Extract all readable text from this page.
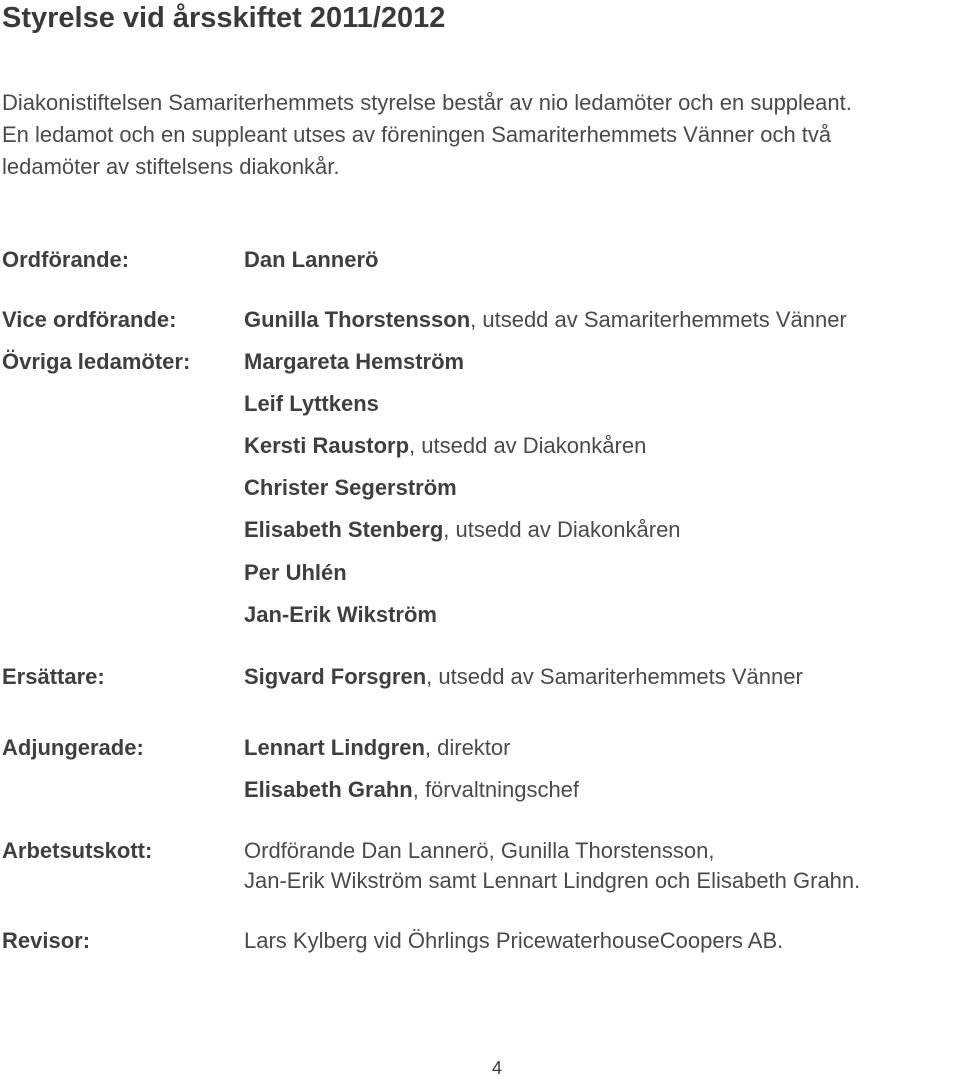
Styrelse vid årsskiftet 2011/2012
Diakonistiftelsen Samariterhemmets styrelse består av nio ledamöter och en suppleant.
En ledamot och en suppleant utses av föreningen Samariterhemmets Vänner och två
ledamöter av stiftelsens diakonkår.
Ordförande:	Dan Lannerö
Vice ordförande:	Gunilla Thorstensson, utsedd av Samariterhemmets Vänner
Övriga ledamöter: Margareta Hemström
Leif Lyttkens
Kersti Raustorp, utsedd av Diakonkåren
Christer Segerström
Elisabeth Stenberg, utsedd av Diakonkåren
Per Uhlén
Jan-Erik Wikström
Ersättare:	Sigvard Forsgren, utsedd av Samariterhemmets Vänner
Adjungerade:	Lennart Lindgren, direktor
Elisabeth Grahn, förvaltningschef
Arbetsutskott:	Ordförande Dan Lannerö, Gunilla Thorstensson,
Jan-Erik Wikström samt Lennart Lindgren och Elisabeth Grahn.
Revisor:	Lars Kylberg vid Öhrlings PricewaterhouseCoopers AB.
4
